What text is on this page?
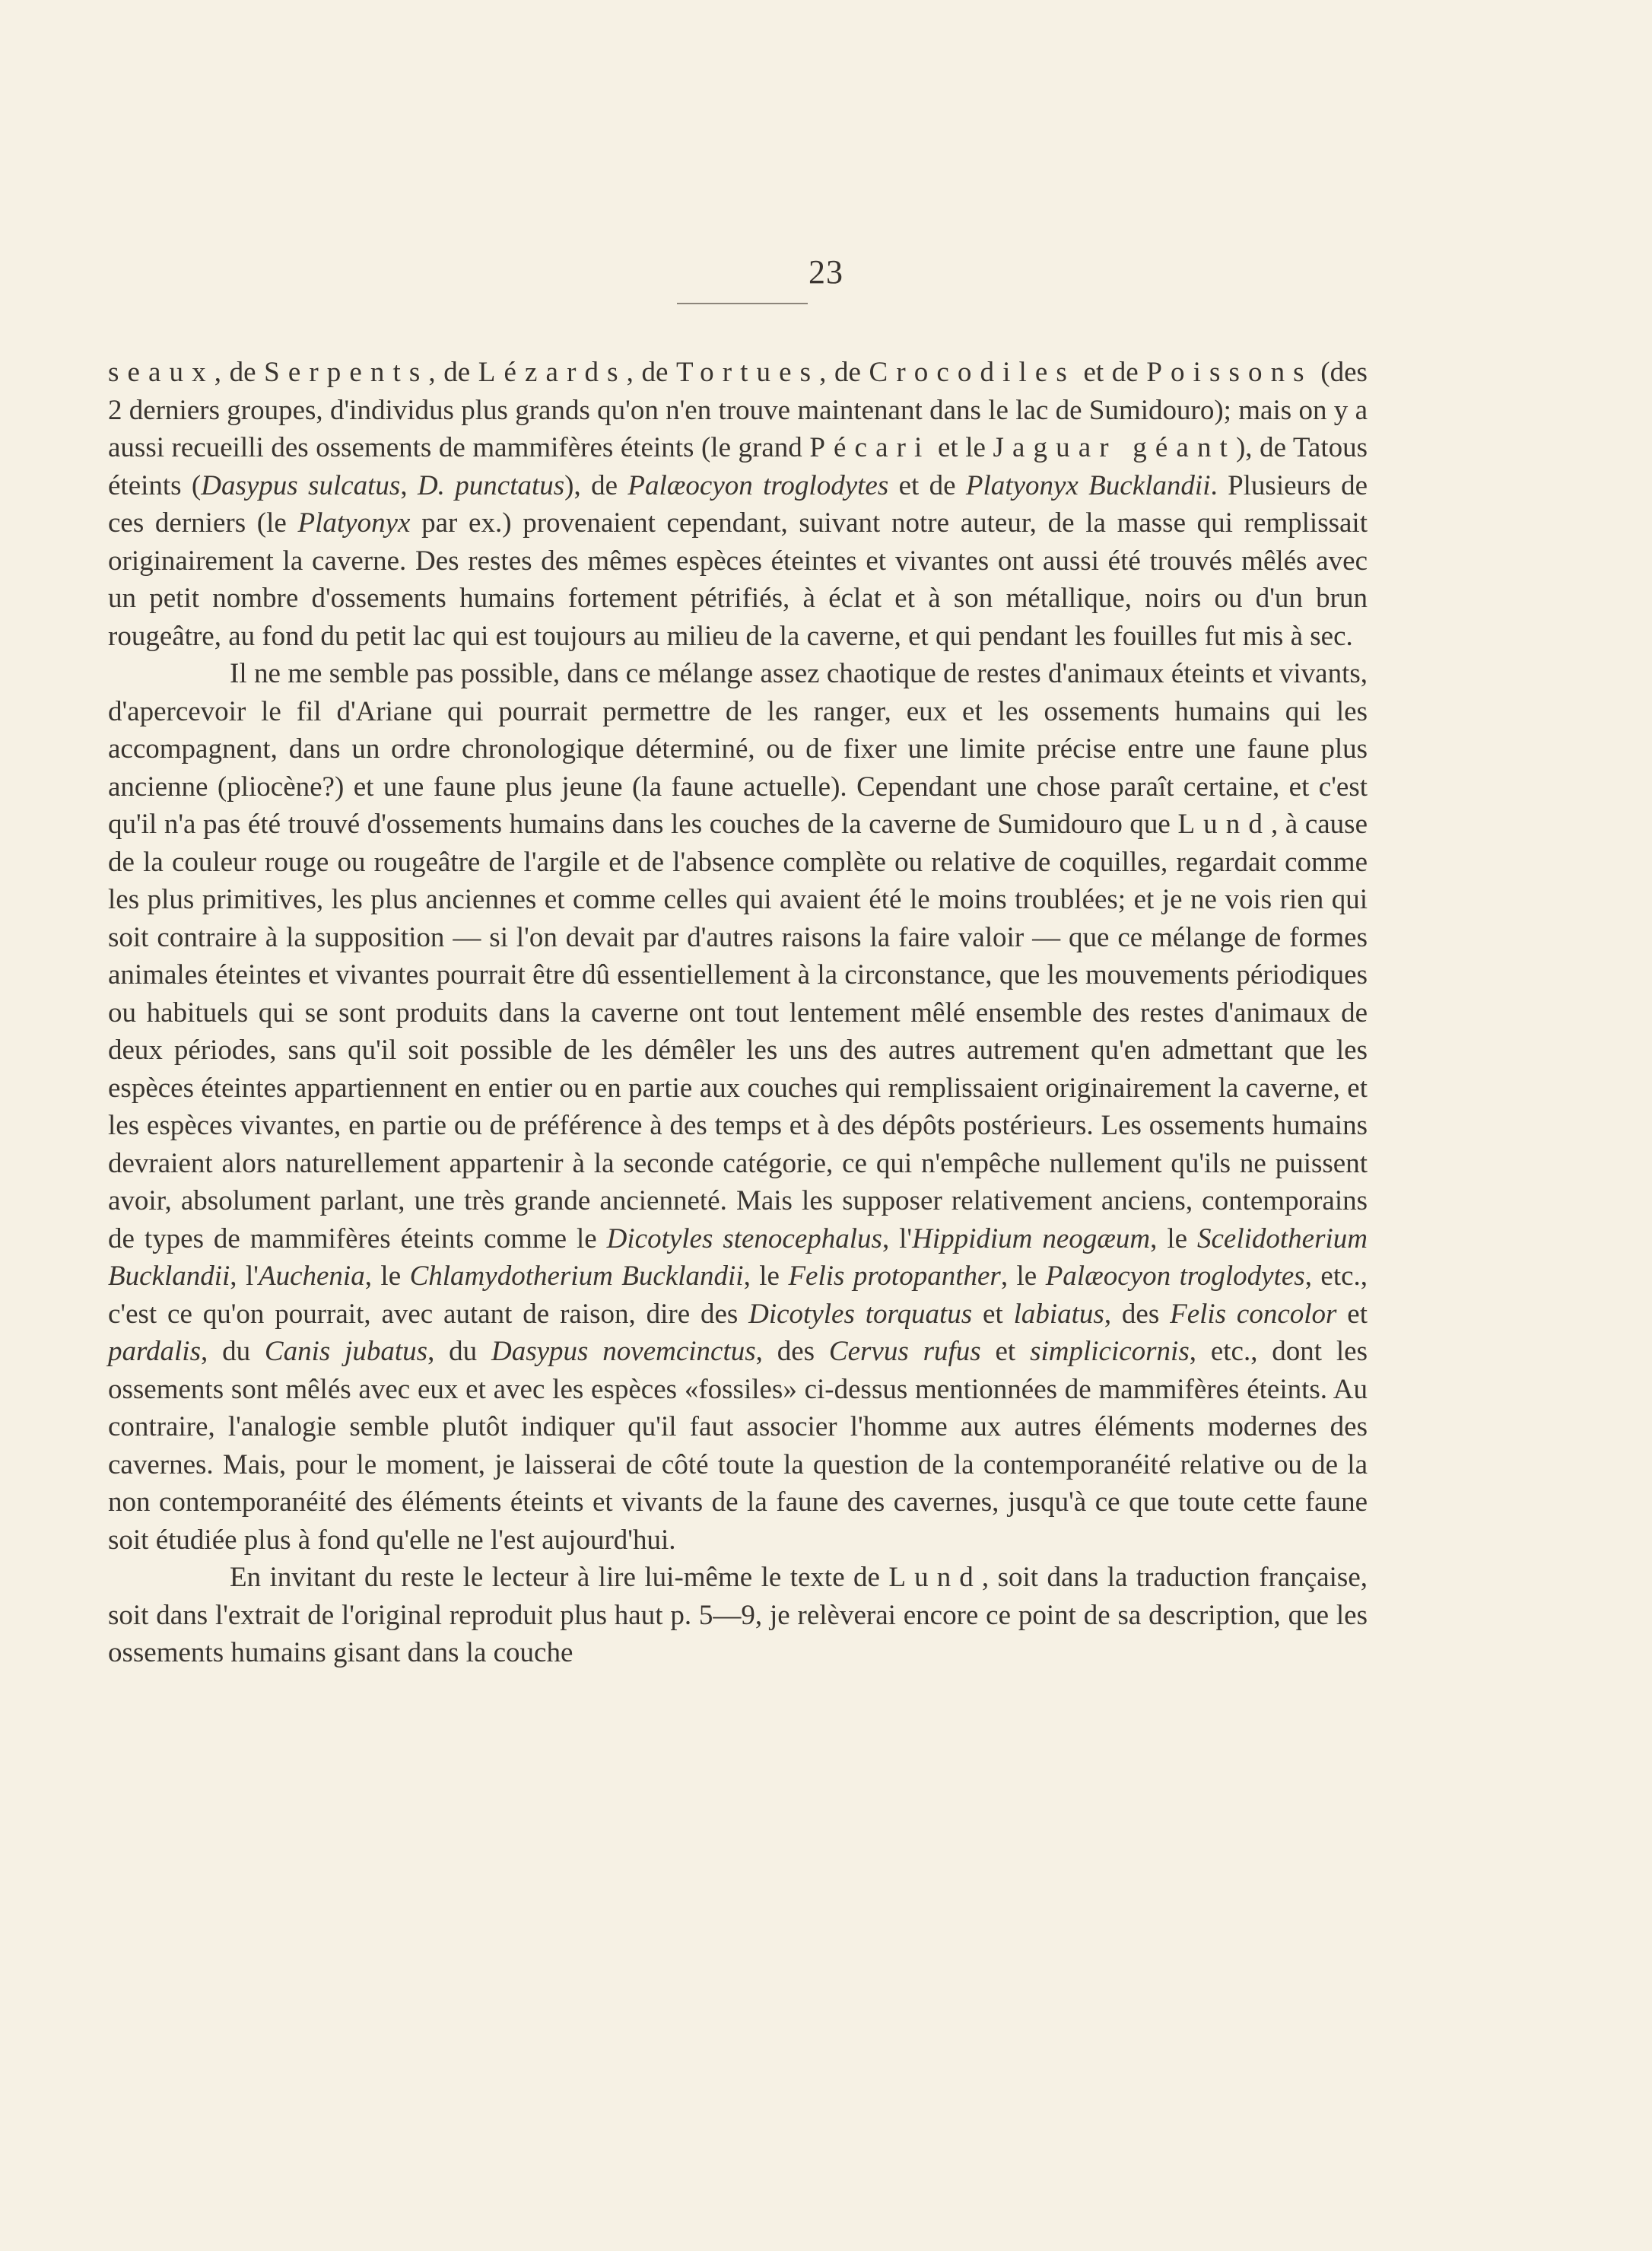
23

seaux, de Serpents, de Lézards, de Tortues, de Crocodiles et de Poissons (des 2 derniers groupes, d'individus plus grands qu'on n'en trouve maintenant dans le lac de Sumidouro); mais on y a aussi recueilli des ossements de mammifères éteints (le grand Pécari et le Jaguar géant), de Tatous éteints (Dasypus sulcatus, D. punctatus), de Palæocyon troglodytes et de Platyonyx Bucklandii. Plusieurs de ces derniers (le Platyonyx par ex.) provenaient cependant, suivant notre auteur, de la masse qui remplissait originairement la caverne. Des restes des mêmes espèces éteintes et vivantes ont aussi été trouvés mêlés avec un petit nombre d'ossements humains fortement pétrifiés, à éclat et à son métallique, noirs ou d'un brun rougeâtre, au fond du petit lac qui est toujours au milieu de la caverne, et qui pendant les fouilles fut mis à sec.

Il ne me semble pas possible, dans ce mélange assez chaotique de restes d'animaux éteints et vivants, d'apercevoir le fil d'Ariane qui pourrait permettre de les ranger, eux et les ossements humains qui les accompagnent, dans un ordre chronologique déterminé, ou de fixer une limite précise entre une faune plus ancienne (pliocène?) et une faune plus jeune (la faune actuelle). Cependant une chose paraît certaine, et c'est qu'il n'a pas été trouvé d'ossements humains dans les couches de la caverne de Sumidouro que Lund, à cause de la couleur rouge ou rougeâtre de l'argile et de l'absence complète ou relative de coquilles, regardait comme les plus primitives, les plus anciennes et comme celles qui avaient été le moins troublées; et je ne vois rien qui soit contraire à la supposition — si l'on devait par d'autres raisons la faire valoir — que ce mélange de formes animales éteintes et vivantes pourrait être dû essentiellement à la circonstance, que les mouvements périodiques ou habituels qui se sont produits dans la caverne ont tout lentement mêlé ensemble des restes d'animaux de deux périodes, sans qu'il soit possible de les démêler les uns des autres autrement qu'en admettant que les espèces éteintes appartiennent en entier ou en partie aux couches qui remplissaient originairement la caverne, et les espèces vivantes, en partie ou de préférence à des temps et à des dépôts postérieurs. Les ossements humains devraient alors naturellement appartenir à la seconde catégorie, ce qui n'empêche nullement qu'ils ne puissent avoir, absolument parlant, une très grande ancienneté. Mais les supposer relativement anciens, contemporains de types de mammifères éteints comme le Dicotyles stenocephalus, l'Hippidium neogæum, le Scelidotherium Bucklandii, l'Auchenia, le Chlamydotherium Bucklandii, le Felis protopanther, le Palæocyon troglodytes, etc., c'est ce qu'on pourrait, avec autant de raison, dire des Dicotyles torquatus et labiatus, des Felis concolor et pardalis, du Canis jubatus, du Dasypus novemcinctus, des Cervus rufus et simplicicornis, etc., dont les ossements sont mêlés avec eux et avec les espèces «fossiles» ci-dessus mentionnées de mammifères éteints. Au contraire, l'analogie semble plutôt indiquer qu'il faut associer l'homme aux autres éléments modernes des cavernes. Mais, pour le moment, je laisserai de côté toute la question de la contemporanéité relative ou de la non contemporanéité des éléments éteints et vivants de la faune des cavernes, jusqu'à ce que toute cette faune soit étudiée plus à fond qu'elle ne l'est aujourd'hui.

En invitant du reste le lecteur à lire lui-même le texte de Lund, soit dans la traduction française, soit dans l'extrait de l'original reproduit plus haut p. 5—9, je relèverai encore ce point de sa description, que les ossements humains gisant dans la couche
